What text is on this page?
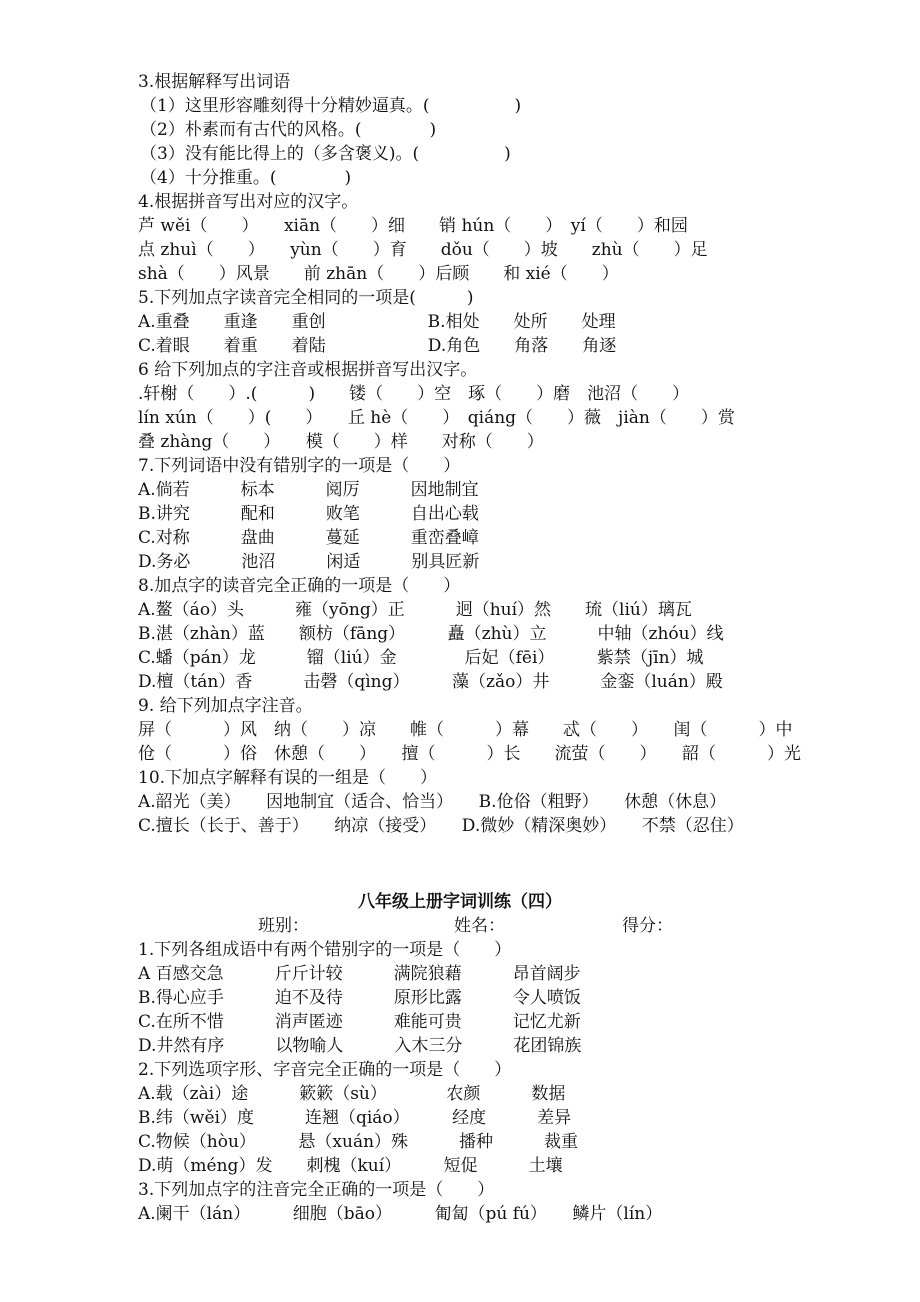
3.根据解释写出词语
（1）这里形容雕刻得十分精妙逼真。(　　　　　)
（2）朴素而有古代的风格。(　　　　)
（3）没有能比得上的（多含褒义)。(　　　　　)
（4）十分推重。(　　　　)
4.根据拼音写出对应的汉字。
芦 wěi（　　）　　xiān（　　）细　　销 hún（　　）　yí（　　）和园
点 zhuì（　　）　　yùn（　　）育　　dǒu（　　）坡　　zhù（　　）足
shà（　　）风景　　前 zhān（　　）后顾　　和 xié（　　）
5.下列加点字读音完全相同的一项是(　　　)
A.重叠　　重逢　　重创　　　　　　B.相处　　处所　　处理
C.着眼　　着重　　着陆　　　　　　D.角色　　角落　　角逐
6 给下列加点的字注音或根据拼音写出汉字。
.轩榭（　　）.(　　　)　　镂（　　）空　琢（　　）磨　池沼（　　）
lín xún（　　）(　　）　　丘 hè（　　）　qiáng（　　）薇　jiàn（　　）赏
叠 zhàng（　　）　　模（　　）样　　对称（　　）
7.下列词语中没有错别字的一项是（　　）
A.倘若　　　标本　　　阅厉　　　因地制宜
B.讲究　　　配和　　　败笔　　　自出心载
C.对称　　　盘曲　　　蔓延　　　重峦叠嶂
D.务必　　　池沼　　　闲适　　　别具匠新
8.加点字的读音完全正确的一项是（　　）
A.鳌（áo）头　　　雍（yōng）正　　　迥（huí）然　　琉（liú）璃瓦
B.湛（zhàn）蓝　　额枋（fāng）　　　矗（zhù）立　　　中轴（zhóu）线
C.蟠（pán）龙　　　镏（liú）金　　　　后妃（fēi）　　　紫禁（jīn）城
D.檀（tán）香　　　击磬（qìng）　　　藻（zǎo）井　　　金銮（luán）殿
9. 给下列加点字注音。
屏（　　　）风　纳（　　）凉　　帷（　　　）幕　　忒（　　）　　闺（　　　）中
伧（　　　）俗　休憩（　　）　　擅（　　　）长　　流萤（　　）　　韶（　　　）光
10.下加点字解释有误的一组是（　　）
A.韶光（美）　　因地制宜（适合、恰当）　　B.伧俗（粗野）　　休憩（休息）
C.擅长（长于、善于）　　纳凉（接受）　　D.微妙（精深奥妙）　　不禁（忍住）
八年级上册字词训练（四）
班别：	姓名：	得分：
1.下列各组成语中有两个错别字的一项是（　　）
A 百感交急　　　斤斤计较　　　满院狼藉　　　昂首阔步
B.得心应手　　　迫不及待　　　原形比露　　　令人喷饭
C.在所不惜　　　消声匿迹　　　难能可贵　　　记忆尤新
D.井然有序　　　以物喻人　　　入木三分　　　花团锦族
2.下列选项字形、字音完全正确的一项是（　　）
A.载（zài）途　　　簌簌（sù）　　　　农颜　　　数据
B.纬（wěi）度　　　连翘（qiáo）　　　经度　　　差异
C.物候（hòu）　　　悬（xuán）殊　　　播种　　　裁重
D.萌（méng）发　　刺槐（kuí）　　　短促　　　土壤
3.下列加点字的注音完全正确的一项是（　　）
A.阑干（lán）　　　细胞（bāo）　　　匍匐（pú fú）　　鳞片（lín）
